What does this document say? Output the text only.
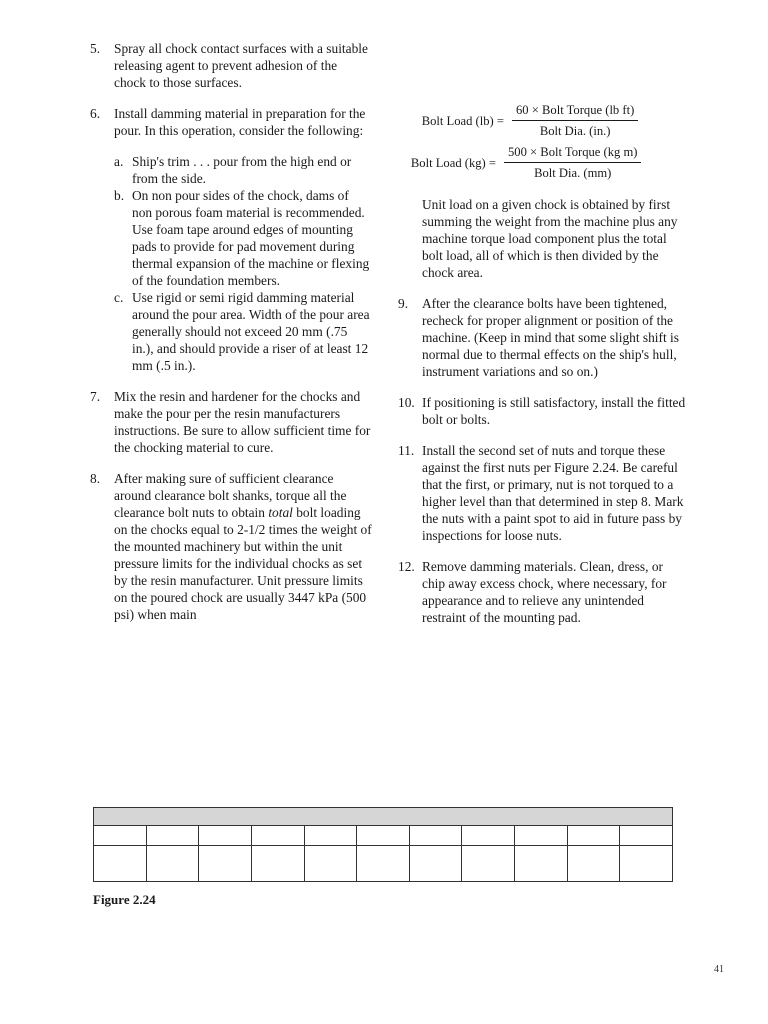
5. Spray all chock contact surfaces with a suitable releasing agent to prevent adhesion of the chock to those surfaces.
6. Install damming material in preparation for the pour. In this operation, consider the following:
a. Ship's trim . . . pour from the high end or from the side.
b. On non pour sides of the chock, dams of non porous foam material is recommended. Use foam tape around edges of mounting pads to provide for pad movement during thermal expansion of the machine or flexing of the foundation members.
c. Use rigid or semi rigid damming material around the pour area. Width of the pour area generally should not exceed 20 mm (.75 in.), and should provide a riser of at least 12 mm (.5 in.).
7. Mix the resin and hardener for the chocks and make the pour per the resin manufacturers instructions. Be sure to allow sufficient time for the chocking material to cure.
8. After making sure of sufficient clearance around clearance bolt shanks, torque all the clearance bolt nuts to obtain total bolt loading on the chocks equal to 2-1/2 times the weight of the mounted machinery but within the unit pressure limits for the individual chocks as set by the resin manufacturer. Unit pressure limits on the poured chock are usually 3447 kPa (500 psi) when main
Bolt Load $(lb) = \frac{\text{60 × Bolt Torque (lb ft)}}{\text{Bolt Dia. (in.)}}$
Bolt Load $(kg) = \frac{\text{500 × Bolt Torque (kg m)}}{\text{Bolt Dia. (mm)}}$
Unit load on a given chock is obtained by first summing the weight from the machine plus any machine torque load component plus the total bolt load, all of which is then divided by the chock area.
9. After the clearance bolts have been tightened, recheck for proper alignment or position of the machine. (Keep in mind that some slight shift is normal due to thermal effects on the ship's hull, instrument variations and so on.)
10. If positioning is still satisfactory, install the fitted bolt or bolts.
11. Install the second set of nuts and torque these against the first nuts per Figure 2.24. Be careful that the first, or primary, nut is not torqued to a higher level than that determined in step 8. Mark the nuts with a paint spot to aid in future pass by inspections for loose nuts.
12. Remove damming materials. Clean, dress, or chip away excess chock, where necessary, for appearance and to relieve any unintended restraint of the mounting pad.

Figure 2.24
41
